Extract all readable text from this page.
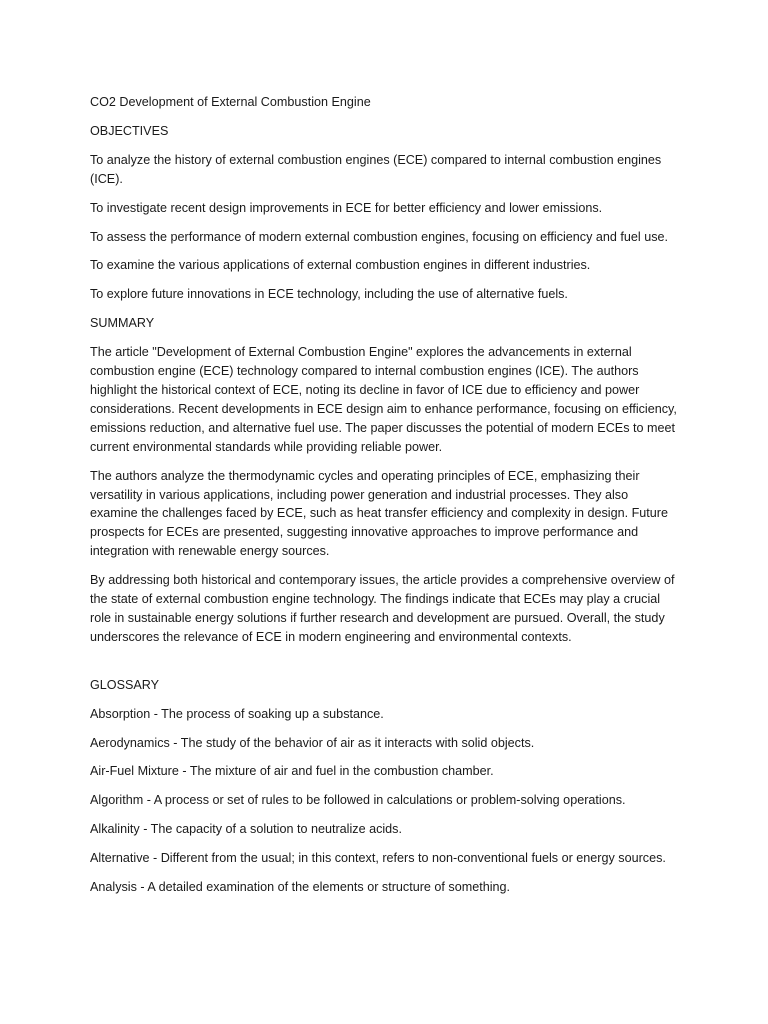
CO2 Development of External Combustion Engine

OBJECTIVES

To analyze the history of external combustion engines (ECE) compared to internal combustion engines (ICE).

To investigate recent design improvements in ECE for better efficiency and lower emissions.

To assess the performance of modern external combustion engines, focusing on efficiency and fuel use.

To examine the various applications of external combustion engines in different industries.

To explore future innovations in ECE technology, including the use of alternative fuels.

SUMMARY

The article "Development of External Combustion Engine" explores the advancements in external combustion engine (ECE) technology compared to internal combustion engines (ICE). The authors highlight the historical context of ECE, noting its decline in favor of ICE due to efficiency and power considerations. Recent developments in ECE design aim to enhance performance, focusing on efficiency, emissions reduction, and alternative fuel use. The paper discusses the potential of modern ECEs to meet current environmental standards while providing reliable power.

The authors analyze the thermodynamic cycles and operating principles of ECE, emphasizing their versatility in various applications, including power generation and industrial processes. They also examine the challenges faced by ECE, such as heat transfer efficiency and complexity in design. Future prospects for ECEs are presented, suggesting innovative approaches to improve performance and integration with renewable energy sources.

By addressing both historical and contemporary issues, the article provides a comprehensive overview of the state of external combustion engine technology. The findings indicate that ECEs may play a crucial role in sustainable energy solutions if further research and development are pursued. Overall, the study underscores the relevance of ECE in modern engineering and environmental contexts.

GLOSSARY

Absorption - The process of soaking up a substance.

Aerodynamics - The study of the behavior of air as it interacts with solid objects.

Air-Fuel Mixture - The mixture of air and fuel in the combustion chamber.

Algorithm - A process or set of rules to be followed in calculations or problem-solving operations.

Alkalinity - The capacity of a solution to neutralize acids.

Alternative - Different from the usual; in this context, refers to non-conventional fuels or energy sources.

Analysis - A detailed examination of the elements or structure of something.
